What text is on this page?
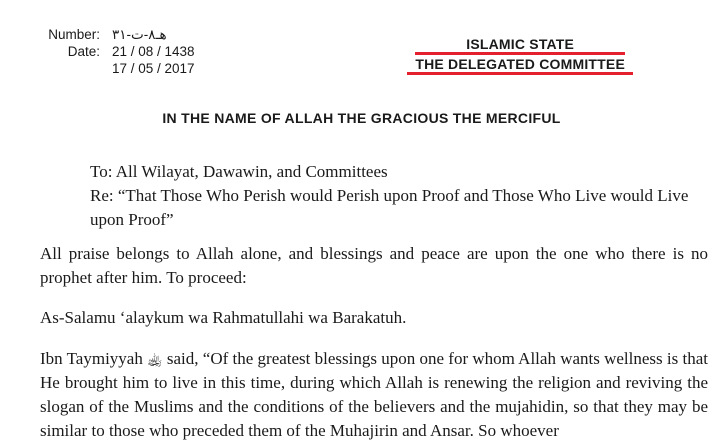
Number: هـ٨-ت-٣١
Date: 21 / 08 / 1438
17 / 05 / 2017
ISLAMIC STATE
THE DELEGATED COMMITTEE
IN THE NAME OF ALLAH THE GRACIOUS THE MERCIFUL
To: All Wilayat, Dawawin, and Committees
Re: “That Those Who Perish would Perish upon Proof and Those Who Live would Live upon Proof”
All praise belongs to Allah alone, and blessings and peace are upon the one who there is no prophet after him. To proceed:
As-Salamu ‘alaykum wa Rahmatullahi wa Barakatuh.
Ibn Taymiyyah ﵀ said, “Of the greatest blessings upon one for whom Allah wants wellness is that He brought him to live in this time, during which Allah is renewing the religion and reviving the slogan of the Muslims and the conditions of the believers and the mujahidin, so that they may be similar to those who preceded them of the Muhajirin and Ansar. So whoever
